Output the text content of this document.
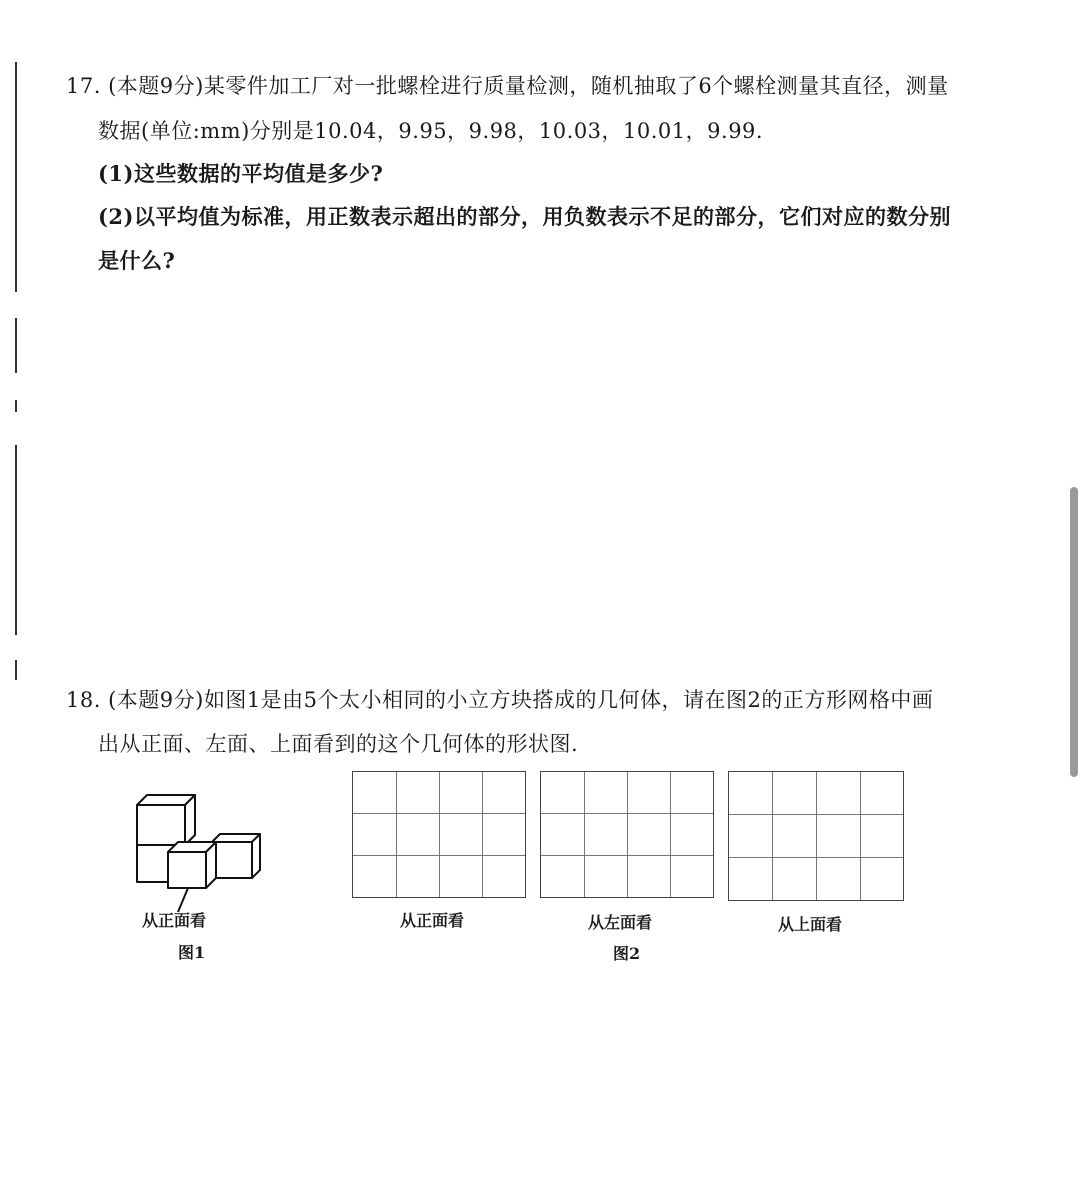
17. (本题9分)某零件加工厂对一批螺栓进行质量检测，随机抽取了6个螺栓测量其直径，测量
数据(单位:mm)分别是10.04，9.95，9.98，10.03，10.01，9.99.
(1)这些数据的平均值是多少?
(2)以平均值为标准，用正数表示超出的部分，用负数表示不足的部分，它们对应的数分别
是什么?
18. (本题9分)如图1是由5个太小相同的小立方块搭成的几何体，请在图2的正方形网格中画
出从正面、左面、上面看到的这个几何体的形状图.
从正面看
图1
从正面看	从左面看	从上面看
图2
